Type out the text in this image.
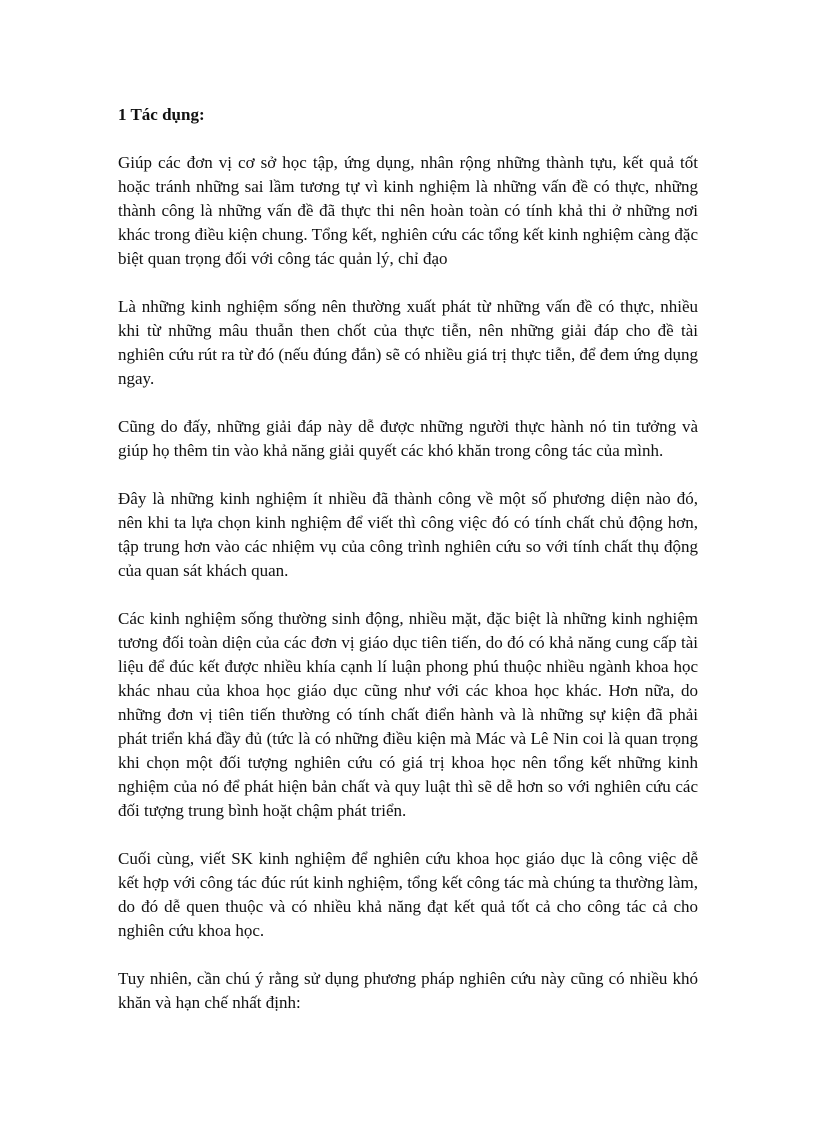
1 Tác dụng:

Giúp các đơn vị cơ sở học tập, ứng dụng, nhân rộng những thành tựu, kết quả tốt hoặc tránh những sai lầm tương tự vì kinh nghiệm là những vấn đề có thực, những thành công là những vấn đề đã thực thi nên hoàn toàn có tính khả thi ở những nơi khác trong điều kiện chung. Tổng kết, nghiên cứu các tổng kết kinh nghiệm càng đặc biệt quan trọng đối với công tác quản lý, chỉ đạo

Là những kinh nghiệm sống nên thường xuất phát từ những vấn đề có thực, nhiều khi từ những mâu thuẫn then chốt của thực tiễn, nên những giải đáp cho đề tài nghiên cứu rút ra từ đó (nếu đúng đắn) sẽ có nhiều giá trị thực tiễn, để đem ứng dụng ngay.

Cũng do đấy, những giải đáp này dễ được những người thực hành nó tin tưởng và giúp họ thêm tin vào khả năng giải quyết các khó khăn trong công tác của mình.

Đây là những kinh nghiệm ít nhiều đã thành công về một số phương diện nào đó, nên khi ta lựa chọn kinh nghiệm để viết thì công việc đó có tính chất chủ động hơn, tập trung hơn vào các nhiệm vụ của công trình nghiên cứu so với tính chất thụ động của quan sát khách quan.

Các kinh nghiệm sống thường sinh động, nhiều mặt, đặc biệt là những kinh nghiệm tương đối toàn diện của các đơn vị giáo dục tiên tiến, do đó có khả năng cung cấp tài liệu để đúc kết được nhiều khía cạnh lí luận phong phú thuộc nhiều ngành khoa học khác nhau của khoa học giáo dục cũng như với các khoa học khác. Hơn nữa, do những đơn vị tiên tiến thường có tính chất điển hành và là những sự kiện đã phải phát triển khá đầy đủ (tức là có những điều kiện mà Mác và Lê Nin coi là quan trọng khi chọn một đối tượng nghiên cứu có giá trị khoa học nên tổng kết những kinh nghiệm của nó để phát hiện bản chất và quy luật thì sẽ dễ hơn so với nghiên cứu các đối tượng trung bình hoặt chậm phát triển.

Cuối cùng, viết SK kinh nghiệm để nghiên cứu khoa học giáo dục là công việc dễ kết hợp với công tác đúc rút kinh nghiệm, tổng kết công tác mà chúng ta thường làm, do đó dễ quen thuộc và có nhiều khả năng đạt kết quả tốt cả cho công tác cả cho nghiên cứu khoa học.

Tuy nhiên, cần chú ý rằng sử dụng phương pháp nghiên cứu này cũng có nhiều khó khăn và hạn chế nhất định:
